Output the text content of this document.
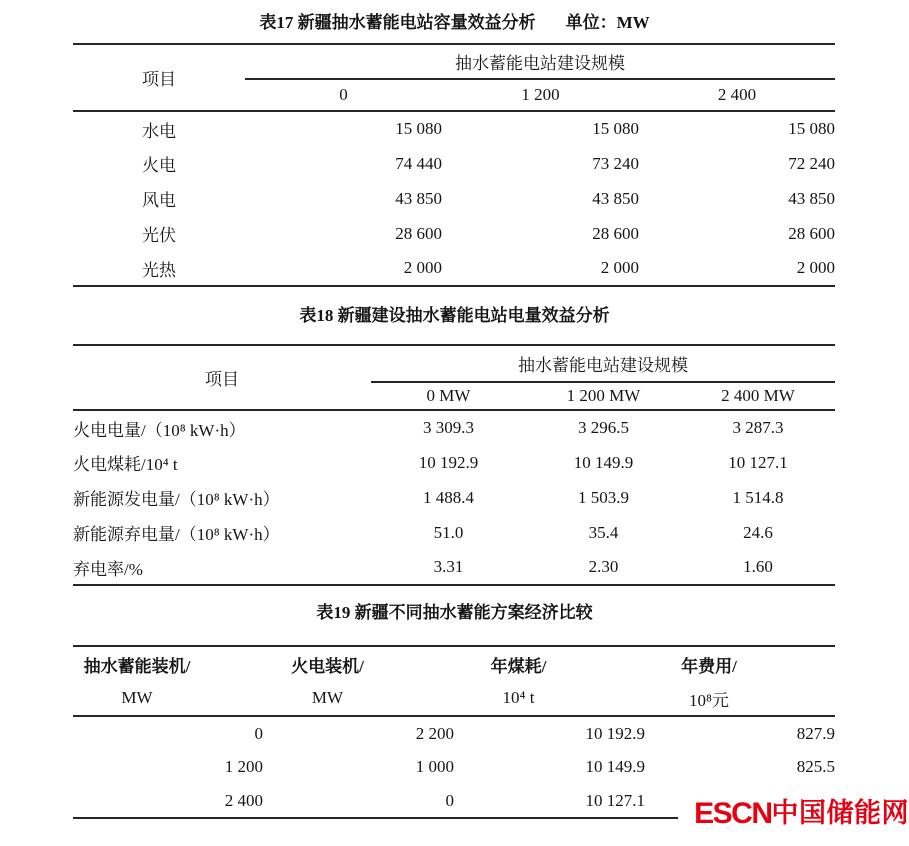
表17 新疆抽水蓄能电站容量效益分析 单位：MW
项目	抽水蓄能电站建设规模		
	0	1 200	2 400
水电	15 080	15 080	15 080
火电	74 440	73 240	72 240
风电	43 850	43 850	43 850
光伏	28 600	28 600	28 600
光热	2 000	2 000	2 000
表18 新疆建设抽水蓄能电站电量效益分析
项目	抽水蓄能电站建设规模		
	0 MW	1 200 MW	2 400 MW
火电电量/（10⁸ kW·h）	3 309.3	3 296.5	3 287.3
火电煤耗/10⁴ t	10 192.9	10 149.9	10 127.1
新能源发电量/（10⁸ kW·h）	1 488.4	1 503.9	1 514.8
新能源弃电量/（10⁸ kW·h）	51.0	35.4	24.6
弃电率/%	3.31	2.30	1.60
表19 新疆不同抽水蓄能方案经济比较
抽水蓄能装机/	火电装机/	年煤耗/	年费用/
MW	MW	10⁴ t	10⁸元
0	2 200	10 192.9	827.9
1 200	1 000	10 149.9	825.5
2 400	0	10 127.1	ESCN 中国储能网
